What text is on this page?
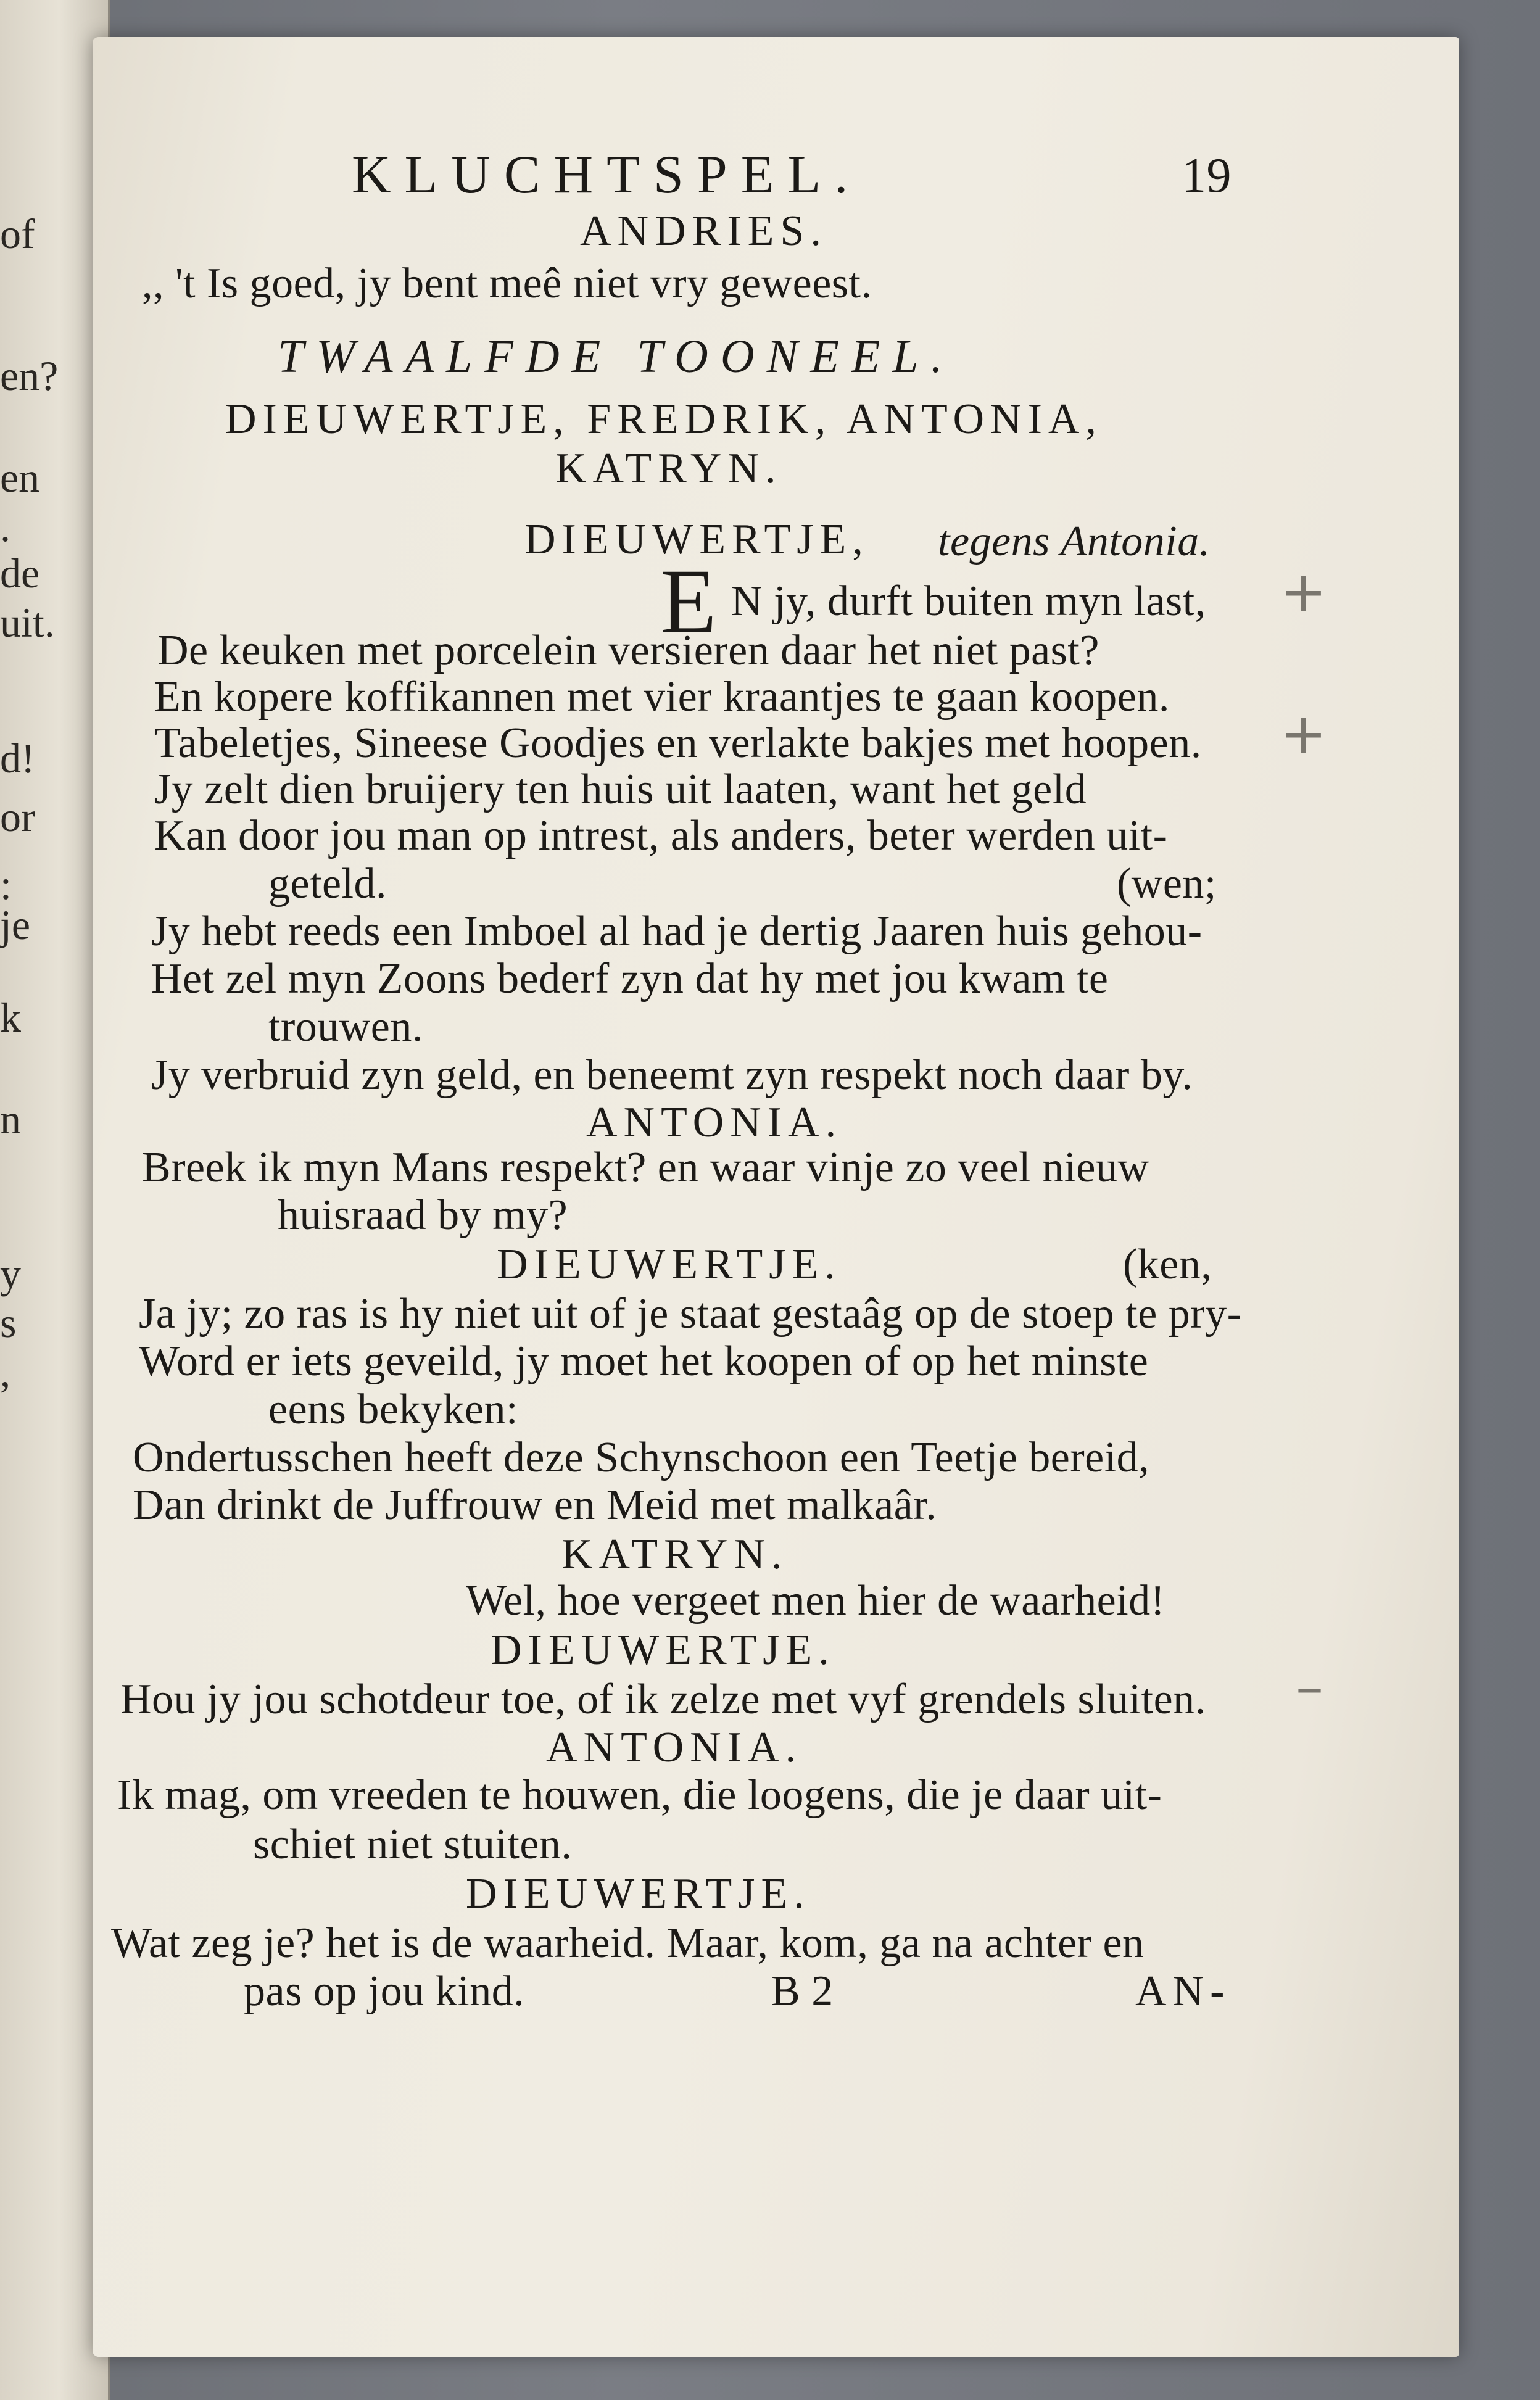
of
en?
en
.
de
uit.
d!
or
:
je
k
n
y
s
,
KLUCHTSPEL.	19
ANDRIES.
,, 't Is goed, jy bent meê niet vry geweest.
TWAALFDE TOONEEL.
DIEUWERTJE, FREDRIK, ANTONIA,
KATRYN.
DIEUWERTJE, tegens Antonia.
E N jy, durft buiten myn last,
De keuken met porcelein versieren daar het niet past?
En kopere koffikannen met vier kraantjes te gaan koopen.
Tabeletjes, Sineese Goodjes en verlakte bakjes met hoopen.
Jy zelt dien bruijery ten huis uit laaten, want het geld
Kan door jou man op intrest, als anders, beter werden uit-
geteld.	(wen;
Jy hebt reeds een Imboel al had je dertig Jaaren huis gehou-
Het zel myn Zoons bederf zyn dat hy met jou kwam te
trouwen.
Jy verbruid zyn geld, en beneemt zyn respekt noch daar by.
ANTONIA.
Breek ik myn Mans respekt? en waar vinje zo veel nieuw
huisraad by my?
DIEUWERTJE.	(ken,
Ja jy; zo ras is hy niet uit of je staat gestaâg op de stoep te pry-
Word er iets geveild, jy moet het koopen of op het minste
eens bekyken:
Ondertusschen heeft deze Schynschoon een Teetje bereid,
Dan drinkt de Juffrouw en Meid met malkaâr.
KATRYN.
Wel, hoe vergeet men hier de waarheid!
DIEUWERTJE.
Hou jy jou schotdeur toe, of ik zelze met vyf grendels sluiten.
ANTONIA.
Ik mag, om vreeden te houwen, die loogens, die je daar uit-
schiet niet stuiten.
DIEUWERTJE.
Wat zeg je? het is de waarheid. Maar, kom, ga na achter en
pas op jou kind.	B 2	AN-
+
+
–
